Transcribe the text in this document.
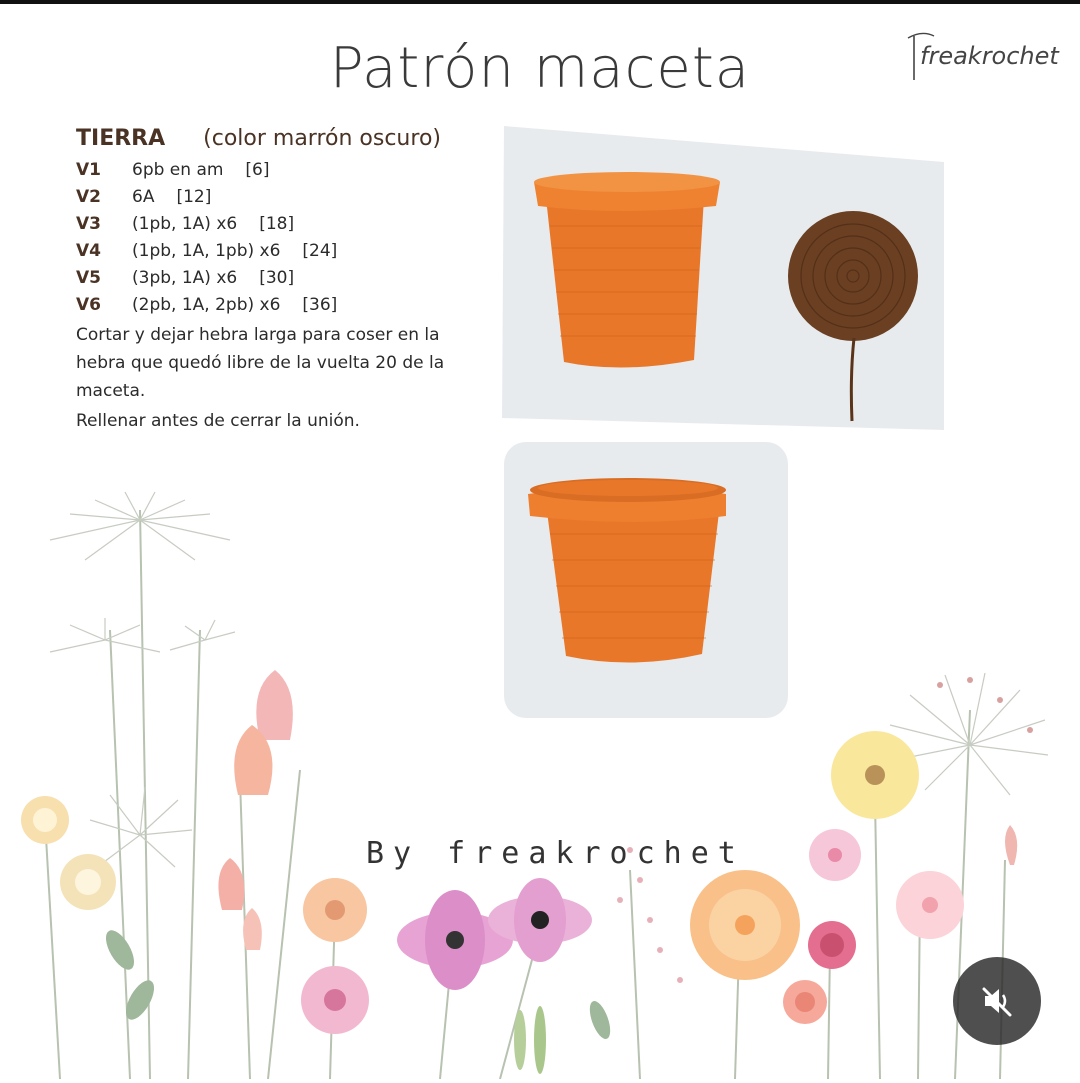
Patrón maceta	freakrochet
TIERRA (color marrón oscuro)
V1 6pb en am [6]
V2 6A [12]
V3 (1pb, 1A) x6 [18]
V4 (1pb, 1A, 1pb) x6 [24]
V5 (3pb, 1A) x6 [30]
V6 (2pb, 1A, 2pb) x6 [36]
Cortar y dejar hebra larga para coser en la hebra que quedó libre de la vuelta 20 de la maceta.
Rellenar antes de cerrar la unión.
By freakrochet
